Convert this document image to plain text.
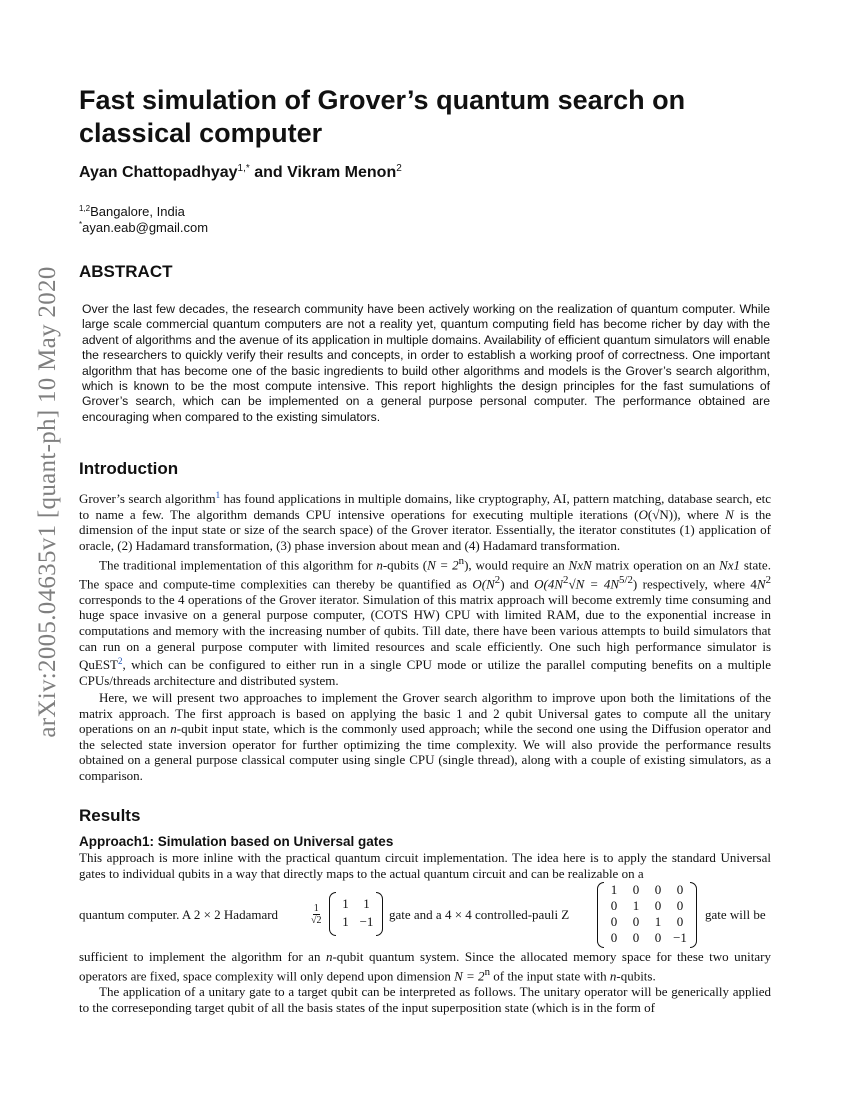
arXiv:2005.04635v1 [quant-ph] 10 May 2020
Fast simulation of Grover’s quantum search on classical computer
Ayan Chattopadhyay$^{1,*}$ and Vikram Menon$^2$
$^{1,2}$Bangalore, India
*ayan.eab@gmail.com
ABSTRACT

Over the last few decades, the research community have been actively working on the realization of quantum computer. While large scale commercial quantum computers are not a reality yet, quantum computing field has become richer by day with the advent of algorithms and the avenue of its application in multiple domains. Availability of efficient quantum simulators will enable the researchers to quickly verify their results and concepts, in order to establish a working proof of correctness. One important algorithm that has become one of the basic ingredients to build other algorithms and models is the Grover’s search algorithm, which is known to be the most compute intensive. This report highlights the design principles for the fast sumulations of Grover’s search, which can be implemented on a general purpose personal computer. The performance obtained are encouraging when compared to the existing simulators.

Introduction

Grover’s search algorithm$^1$ has found applications in multiple domains, like cryptography, AI, pattern matching, database search, etc to name a few. The algorithm demands CPU intensive operations for executing multiple iterations (O(√N)), where N is the dimension of the input state or size of the search space) of the Grover iterator. Essentially, the iterator constitutes (1) application of oracle, (2) Hadamard transformation, (3) phase inversion about mean and (4) Hadamard transformation.

The traditional implementation of this algorithm for n-qubits $(N = 2^n)$, would require an NxN matrix operation on an Nx1 state. The space and compute-time complexities can thereby be quantified as $O(N^2)$ and $O(4N^2√N = 4N^{5/2})$ respectively, where $4N^2$ corresponds to the 4 operations of the Grover iterator. Simulation of this matrix approach will become extremly time consuming and huge space invasive on a general purpose computer, (COTS HW) CPU with limited RAM, due to the exponential increase in computations and memory with the increasing number of qubits. Till date, there have been various attempts to build simulators that can run on a general purpose computer with limited resources and scale efficiently. One such high performance simulator is QuEST$^2$, which can be configured to either run in a single CPU mode or utilize the parallel computing benefits on a multiple CPUs/threads architecture and distributed system.

Here, we will present two approaches to implement the Grover search algorithm to improve upon both the limitations of the matrix approach. The first approach is based on applying the basic 1 and 2 qubit Universal gates to compute all the unitary operations on an n-qubit input state, which is the commonly used approach; while the second one using the Diffusion operator and the selected state inversion operator for further optimizing the time complexity. We will also provide the performance results obtained on a general purpose classical computer using single CPU (single thread), along with a couple of existing simulators, as a comparison.

Results
Approach1: Simulation based on Universal gates

This approach is more inline with the practical quantum circuit implementation. The idea here is to apply the standard Universal gates to individual qubits in a way that directly maps to the actual quantum circuit and can be realizable on a

quantum computer. A 2 × 2 Hadamard	$\frac{1}{√2}$	1	1
1 −1 gate and a 4 × 4 controlled-pauli Z
1	0	0	0
0	1	0	0
0	0	1	0
0	0	0 −1
gate will be

sufficient to implement the algorithm for an n-qubit quantum system. Since the allocated memory space for these two unitary operators are fixed, space complexity will only depend upon dimension $N = 2^n$ of the input state with n-qubits.

The application of a unitary gate to a target qubit can be interpreted as follows. The unitary operator will be generically applied to the correseponding target qubit of all the basis states of the input superposition state (which is in the form of
